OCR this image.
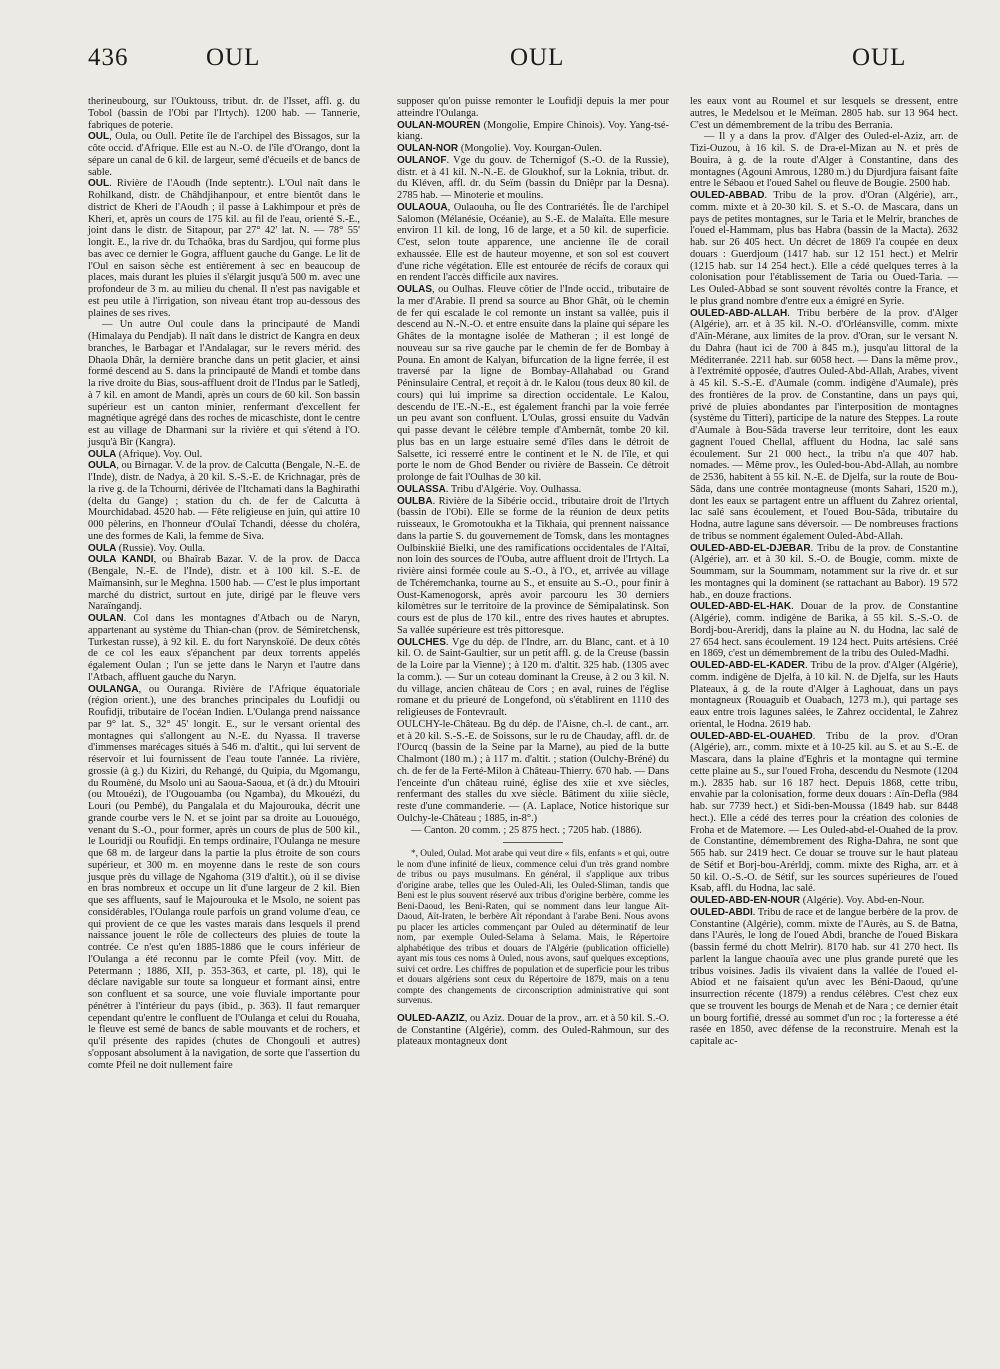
436	OUL	OUL	OUL

therineubourg, sur l'Ouktouss, tribut. dr. de l'Isset, affl. g. du Tobol (bassin de l'Obi par l'Irtych). 1200 hab. — Tannerie, fabriques de poterie.

OUL, Oula, ou Oull. Petite île de l'archipel des Bissagos, sur la côte occid. d'Afrique. Elle est au N.-O. de l'île d'Orango, dont la sépare un canal de 6 kil. de largeur, semé d'écueils et de bancs de sable.

OUL. Rivière de l'Aoudh (Inde septentr.). L'Oul naît dans le Rohilkand, distr. de Châhdjihanpour, et entre bientôt dans le district de Kheri de l'Aoudh ; il passe à Lakhimpour et près de Kheri, et, après un cours de 175 kil. au fil de l'eau, orienté S.-E., joint dans le distr. de Sitapour, par 27° 42' lat. N. — 78° 55' longit. E., la rive dr. du Tchaôka, bras du Sardjou, qui forme plus bas avec ce dernier le Gogra, affluent gauche du Gange. Le lit de l'Oul en saison sèche est entièrement à sec en beaucoup de places, mais durant les pluies il s'élargit jusqu'à 500 m. avec une profondeur de 3 m. au milieu du chenal. Il n'est pas navigable et est peu utile à l'irrigation, son niveau étant trop au-dessous des plaines de ses rives.

— Un autre Oul coule dans la principauté de Mandi (Himalaya du Pendjab). Il naît dans le district de Kangra en deux branches, le Barbagar et l'Andalagar, sur le revers mérid. des Dhaola Dhâr, la dernière branche dans un petit glacier, et ainsi formé descend au S. dans la principauté de Mandi et tombe dans la rive droite du Bias, sous-affluent droit de l'Indus par le Satledj, à 7 kil. en amont de Mandi, après un cours de 60 kil. Son bassin supérieur est un canton minier, renfermant d'excellent fer magnétique agrégé dans des roches de micaschiste, dont le centre est au village de Dharmani sur la rivière et qui s'étend à l'O. jusqu'à Bîr (Kangra).

OULA (Afrique). Voy. Oul.

OULA, ou Birnagar. V. de la prov. de Calcutta (Bengale, N.-E. de l'Inde), distr. de Nadya, à 20 kil. S.-S.-E. de Krichnagar, près de la rive g. de la Tchourni, dérivée de l'Itchamati dans la Baghirathi (delta du Gange) ; station du ch. de fer de Calcutta à Mourchidabad. 4520 hab. — Fête religieuse en juin, qui attire 10 000 pèlerins, en l'honneur d'Oulaï Tchandi, déesse du choléra, une des formes de Kali, la femme de Siva.

OULA (Russie). Voy. Oulla.

OULA KANDI, ou Bhaîrab Bazar. V. de la prov. de Dacca (Bengale, N.-E. de l'Inde), distr. et à 100 kil. S.-E. de Maïmansinh, sur le Meghna. 1500 hab. — C'est le plus important marché du district, surtout en jute, dirigé par le fleuve vers Naraïngandj.

OULAN. Col dans les montagnes d'Atbach ou de Naryn, appartenant au système du Thian-chan (prov. de Sémiretchensk, Turkestan russe), à 92 kil. E. du fort Narynskoïé. De deux côtés de ce col les eaux s'épanchent par deux torrents appelés également Oulan ; l'un se jette dans le Naryn et l'autre dans l'Atbach, affluent gauche du Naryn.

OULANGA, ou Ouranga. Rivière de l'Afrique équatoriale (région orient.), une des branches principales du Loufidji ou Roufidji, tributaire de l'océan Indien. L'Oulanga prend naissance par 9° lat. S., 32° 45' longit. E., sur le versant oriental des montagnes qui s'allongent au N.-E. du Nyassa. Il traverse d'immenses marécages situés à 546 m. d'altit., qui lui servent de réservoir et lui fournissent de l'eau toute l'année. La rivière, grossie (à g.) du Kiziri, du Rehangé, du Quipia, du Mgomangu, du Roumèné, du Msolo uni au Saoua-Saoua, et (à dr.) du Mtouiri (ou Mtouézi), de l'Ougouamba (ou Ngamba), du Mkouézi, du Louri (ou Pembé), du Pangalala et du Majourouka, décrit une grande courbe vers le N. et se joint par sa droite au Lououégo, venant du S.-O., pour former, après un cours de plus de 500 kil., le Louridji ou Roufidji. En temps ordinaire, l'Oulanga ne mesure que 68 m. de largeur dans la partie la plus étroite de son cours supérieur, et 300 m. en moyenne dans le reste de son cours jusque près du village de Ngahoma (319 d'altit.), où il se divise en bras nombreux et occupe un lit d'une largeur de 2 kil. Bien que ses affluents, sauf le Majourouka et le Msolo, ne soient pas considérables, l'Oulanga roule parfois un grand volume d'eau, ce qui provient de ce que les vastes marais dans lesquels il prend naissance jouent le rôle de collecteurs des pluies de toute la contrée. Ce n'est qu'en 1885-1886 que le cours inférieur de l'Oulanga a été reconnu par le comte Pfeil (voy. Mitt. de Petermann ; 1886, XII, p. 353-363, et carte, pl. 18), qui le déclare navigable sur toute sa longueur et formant ainsi, entre son confluent et sa source, une voie fluviale importante pour pénétrer à l'intérieur du pays (ibid., p. 363). Il faut remarquer cependant qu'entre le confluent de l'Oulanga et celui du Rouaha, le fleuve est semé de bancs de sable mouvants et de rochers, et qu'il présente des rapides (chutes de Chongouli et autres) s'opposant absolument à la navigation, de sorte que l'assertion du comte Pfeil ne doit nullement faire

supposer qu'on puisse remonter le Loufidji depuis la mer pour atteindre l'Oulanga.

OULAN-MOUREN (Mongolie, Empire Chinois). Voy. Yang-tsé-kiang.

OULAN-NOR (Mongolie). Voy. Kourgan-Oulen.

OULANOF. Vge du gouv. de Tchernigof (S.-O. de la Russie), distr. et à 41 kil. N.-N.-E. de Gloukhof, sur la Loknia, tribut. dr. du Kléven, affl. dr. du Seïm (bassin du Dniêpr par la Desna). 2785 hab. — Minoterie et moulins.

OULAOUA, Oulaouha, ou Île des Contrariétés. Île de l'archipel Salomon (Mélanésie, Océanie), au S.-E. de Malaïta. Elle mesure environ 11 kil. de long, 16 de large, et a 50 kil. de superficie. C'est, selon toute apparence, une ancienne île de corail exhaussée. Elle est de hauteur moyenne, et son sol est couvert d'une riche végétation. Elle est entourée de récifs de coraux qui en rendent l'accès difficile aux navires.

OULAS, ou Oulhas. Fleuve côtier de l'Inde occid., tributaire de la mer d'Arabie. Il prend sa source au Bhor Ghât, où le chemin de fer qui escalade le col remonte un instant sa vallée, puis il descend au N.-N.-O. et entre ensuite dans la plaine qui sépare les Ghâtes de la montagne isolée de Matheran ; il est longé de nouveau sur sa rive gauche par le chemin de fer de Bombay à Pouna. En amont de Kalyan, bifurcation de la ligne ferrée, il est traversé par la ligne de Bombay-Allahabad ou Grand Péninsulaire Central, et reçoit à dr. le Kalou (tous deux 80 kil. de cours) qui lui imprime sa direction occidentale. Le Kalou, descendu de l'E.-N.-E., est également franchi par la voie ferrée un peu avant son confluent. L'Oulas, grossi ensuite du Vadvân qui passe devant le célèbre temple d'Ambernât, tombe 20 kil. plus bas en un large estuaire semé d'îles dans le détroit de Salsette, ici resserré entre le continent et le N. de l'île, et qui porte le nom de Ghod Bender ou rivière de Bassein. Ce détroit prolonge de fait l'Oulhas de 30 kil.

OULASSA. Tribu d'Algérie. Voy. Oulhassa.

OULBA. Rivière de la Sibérie occid., tributaire droit de l'Irtych (bassin de l'Obi). Elle se forme de la réunion de deux petits ruisseaux, le Gromotoukha et la Tikhaia, qui prennent naissance dans la partie S. du gouvernement de Tomsk, dans les montagnes Oulbinskiié Bielki, une des ramifications occidentales de l'Altaï, non loin des sources de l'Ouba, autre affluent droit de l'Irtych. La rivière ainsi formée coule au S.-O., à l'O., et, arrivée au village de Tchéremchanka, tourne au S., et ensuite au S.-O., pour finir à Oust-Kamenogorsk, après avoir parcouru les 30 derniers kilomètres sur le territoire de la province de Sémipalatinsk. Son cours est de plus de 170 kil., entre des rives hautes et abruptes. Sa vallée supérieure est très pittoresque.

OULCHES. Vge du dép. de l'Indre, arr. du Blanc, cant. et à 10 kil. O. de Saint-Gaultier, sur un petit affl. g. de la Creuse (bassin de la Loire par la Vienne) ; à 120 m. d'altit. 325 hab. (1305 avec la comm.). — Sur un coteau dominant la Creuse, à 2 ou 3 kil. N. du village, ancien château de Cors ; en aval, ruines de l'église romane et du prieuré de Longefond, où s'établirent en 1110 des religieuses de Fontevrault.

OULCHY-le-Château. Bg du dép. de l'Aisne, ch.-l. de cant., arr. et à 20 kil. S.-S.-E. de Soissons, sur le ru de Chauday, affl. dr. de l'Ourcq (bassin de la Seine par la Marne), au pied de la butte Chalmont (180 m.) ; à 117 m. d'altit. ; station (Oulchy-Bréné) du ch. de fer de la Ferté-Milon à Château-Thierry. 670 hab. — Dans l'enceinte d'un château ruiné, église des xiie et xve siècles, renfermant des stalles du xve siècle. Bâtiment du xiiie siècle, reste d'une commanderie. — (A. Laplace, Notice historique sur Oulchy-le-Château ; 1885, in-8°.)

— Canton. 20 comm. ; 25 875 hect. ; 7205 hab. (1886).

*, Ouled, Oulad. Mot arabe qui veut dire « fils, enfants » et qui, outre le nom d'une infinité de lieux, commence celui d'un très grand nombre de tribus ou pays musulmans. En général, il s'applique aux tribus d'origine arabe, telles que les Ouled-Ali, les Ouled-Sliman, tandis que Beni est le plus souvent réservé aux tribus d'origine berbère, comme les Beni-Daoud, les Beni-Raten, qui se nomment dans leur langue Aït-Daoud, Aït-Iraten, le berbère Aït répondant à l'arabe Beni. Nous avons pu placer les articles commençant par Ouled au déterminatif de leur nom, par exemple Ouled-Selama à Selama. Mais, le Répertoire alphabétique des tribus et douars de l'Algérie (publication officielle) ayant mis tous ces noms à Ouled, nous avons, sauf quelques exceptions, suivi cet ordre. Les chiffres de population et de superficie pour les tribus et douars algériens sont ceux du Répertoire de 1879, mais on a tenu compte des changements de circonscription administrative qui sont survenus.

OULED-AAZIZ, ou Aziz. Douar de la prov., arr. et à 50 kil. S.-O. de Constantine (Algérie), comm. des Ouled-Rahmoun, sur des plateaux montagneux dont

les eaux vont au Roumel et sur lesquels se dressent, entre autres, le Medelsou et le Meïman. 2805 hab. sur 13 964 hect. C'est un démembrement de la tribu des Berrania.

— Il y a dans la prov. d'Alger des Ouled-el-Aziz, arr. de Tizi-Ouzou, à 16 kil. S. de Dra-el-Mizan au N. et près de Bouira, à g. de la route d'Alger à Constantine, dans des montagnes (Agouni Amrous, 1280 m.) du Djurdjura faisant faîte entre le Sébaou et l'oued Sahel ou fleuve de Bougie. 2500 hab.

OULED-ABBAD. Tribu de la prov. d'Oran (Algérie), arr., comm. mixte et à 20-30 kil. S. et S.-O. de Mascara, dans un pays de petites montagnes, sur le Taria et le Melrir, branches de l'oued el-Hammam, plus bas Habra (bassin de la Macta). 2632 hab. sur 26 405 hect. Un décret de 1869 l'a coupée en deux douars : Guerdjoum (1417 hab. sur 12 151 hect.) et Melrir (1215 hab. sur 14 254 hect.). Elle a cédé quelques terres à la colonisation pour l'établissement de Taria ou Oued-Taria. — Les Ouled-Abbad se sont souvent révoltés contre la France, et le plus grand nombre d'entre eux a émigré en Syrie.

OULED-ABD-ALLAH. Tribu berbère de la prov. d'Alger (Algérie), arr. et à 35 kil. N.-O. d'Orléansville, comm. mixte d'Aïn-Mérane, aux limites de la prov. d'Oran, sur le versant N. du Dahra (haut ici de 700 à 845 m.), jusqu'au littoral de la Méditerranée. 2211 hab. sur 6058 hect. — Dans la même prov., à l'extrémité opposée, d'autres Ouled-Abd-Allah, Arabes, vivent à 45 kil. S.-S.-E. d'Aumale (comm. indigène d'Aumale), près des frontières de la prov. de Constantine, dans un pays qui, privé de pluies abondantes par l'interposition de montagnes (système du Titteri), participe de la nature des Steppes. La route d'Aumale à Bou-Sâda traverse leur territoire, dont les eaux gagnent l'oued Chellal, affluent du Hodna, lac salé sans écoulement. Sur 21 000 hect., la tribu n'a que 407 hab. nomades. — Même prov., les Ouled-bou-Abd-Allah, au nombre de 2536, habitent à 55 kil. N.-E. de Djelfa, sur la route de Bou-Sâda, dans une contrée montagneuse (monts Sahari, 1520 m.), dont les eaux se partagent entre un affluent du Zahrez oriental, lac salé sans écoulement, et l'oued Bou-Sâda, tributaire du Hodna, autre lagune sans déversoir. — De nombreuses fractions de tribus se nomment également Ouled-Abd-Allah.

OULED-ABD-EL-DJEBAR. Tribu de la prov. de Constantine (Algérie), arr. et à 30 kil. S.-O. de Bougie, comm. mixte de Soummam, sur la Soummam, notamment sur la rive dr. et sur les montagnes qui la dominent (se rattachant au Babor). 19 572 hab., en douze fractions.

OULED-ABD-EL-HAK. Douar de la prov. de Constantine (Algérie), comm. indigène de Barika, à 55 kil. S.-S.-O. de Bordj-bou-Areridj, dans la plaine au N. du Hodna, lac salé de 27 654 hect. sans écoulement. 19 124 hect. Puits artésiens. Créé en 1869, c'est un démembrement de la tribu des Ouled-Madhi.

OULED-ABD-EL-KADER. Tribu de la prov. d'Alger (Algérie), comm. indigène de Djelfa, à 10 kil. N. de Djelfa, sur les Hauts Plateaux, à g. de la route d'Alger à Laghouat, dans un pays montagneux (Rouaguib et Ouabach, 1273 m.), qui partage ses eaux entre trois lagunes salées, le Zahrez occidental, le Zahrez oriental, le Hodna. 2619 hab.

OULED-ABD-EL-OUAHED. Tribu de la prov. d'Oran (Algérie), arr., comm. mixte et à 10-25 kil. au S. et au S.-E. de Mascara, dans la plaine d'Eghris et la montagne qui termine cette plaine au S., sur l'oued Froha, descendu du Nesmote (1204 m.). 2835 hab. sur 16 187 hect. Depuis 1868, cette tribu, envahie par la colonisation, forme deux douars : Aïn-Defla (984 hab. sur 7739 hect.) et Sidi-ben-Moussa (1849 hab. sur 8448 hect.). Elle a cédé des terres pour la création des colonies de Froha et de Matemore. — Les Ouled-abd-el-Ouahed de la prov. de Constantine, démembrement des Righa-Dahra, ne sont que 565 hab. sur 2419 hect. Ce douar se trouve sur le haut plateau de Sétif et Borj-bou-Arérldj, comm. mixte des Righa, arr. et à 50 kil. O.-S.-O. de Sétif, sur les sources supérieures de l'oued Ksab, affl. du Hodna, lac salé.

OULED-ABD-EN-NOUR (Algérie). Voy. Abd-en-Nour.

OULED-ABDI. Tribu de race et de langue berbère de la prov. de Constantine (Algérie), comm. mixte de l'Aurès, au S. de Batna, dans l'Aurès, le long de l'oued Abdi, branche de l'oued Biskara (bassin fermé du chott Melrir). 8170 hab. sur 41 270 hect. Ils parlent la langue chaouïa avec une plus grande pureté que les tribus voisines. Jadis ils vivaient dans la vallée de l'oued el-Abiod et ne faisaient qu'un avec les Béni-Daoud, qu'une insurrection récente (1879) a rendus célèbres. C'est chez eux que se trouvent les bourgs de Menah et de Nara ; ce dernier était un bourg fortifié, dressé au sommet d'un roc ; la forteresse a été rasée en 1850, avec défense de la reconstruire. Menah est la capitale ac-
